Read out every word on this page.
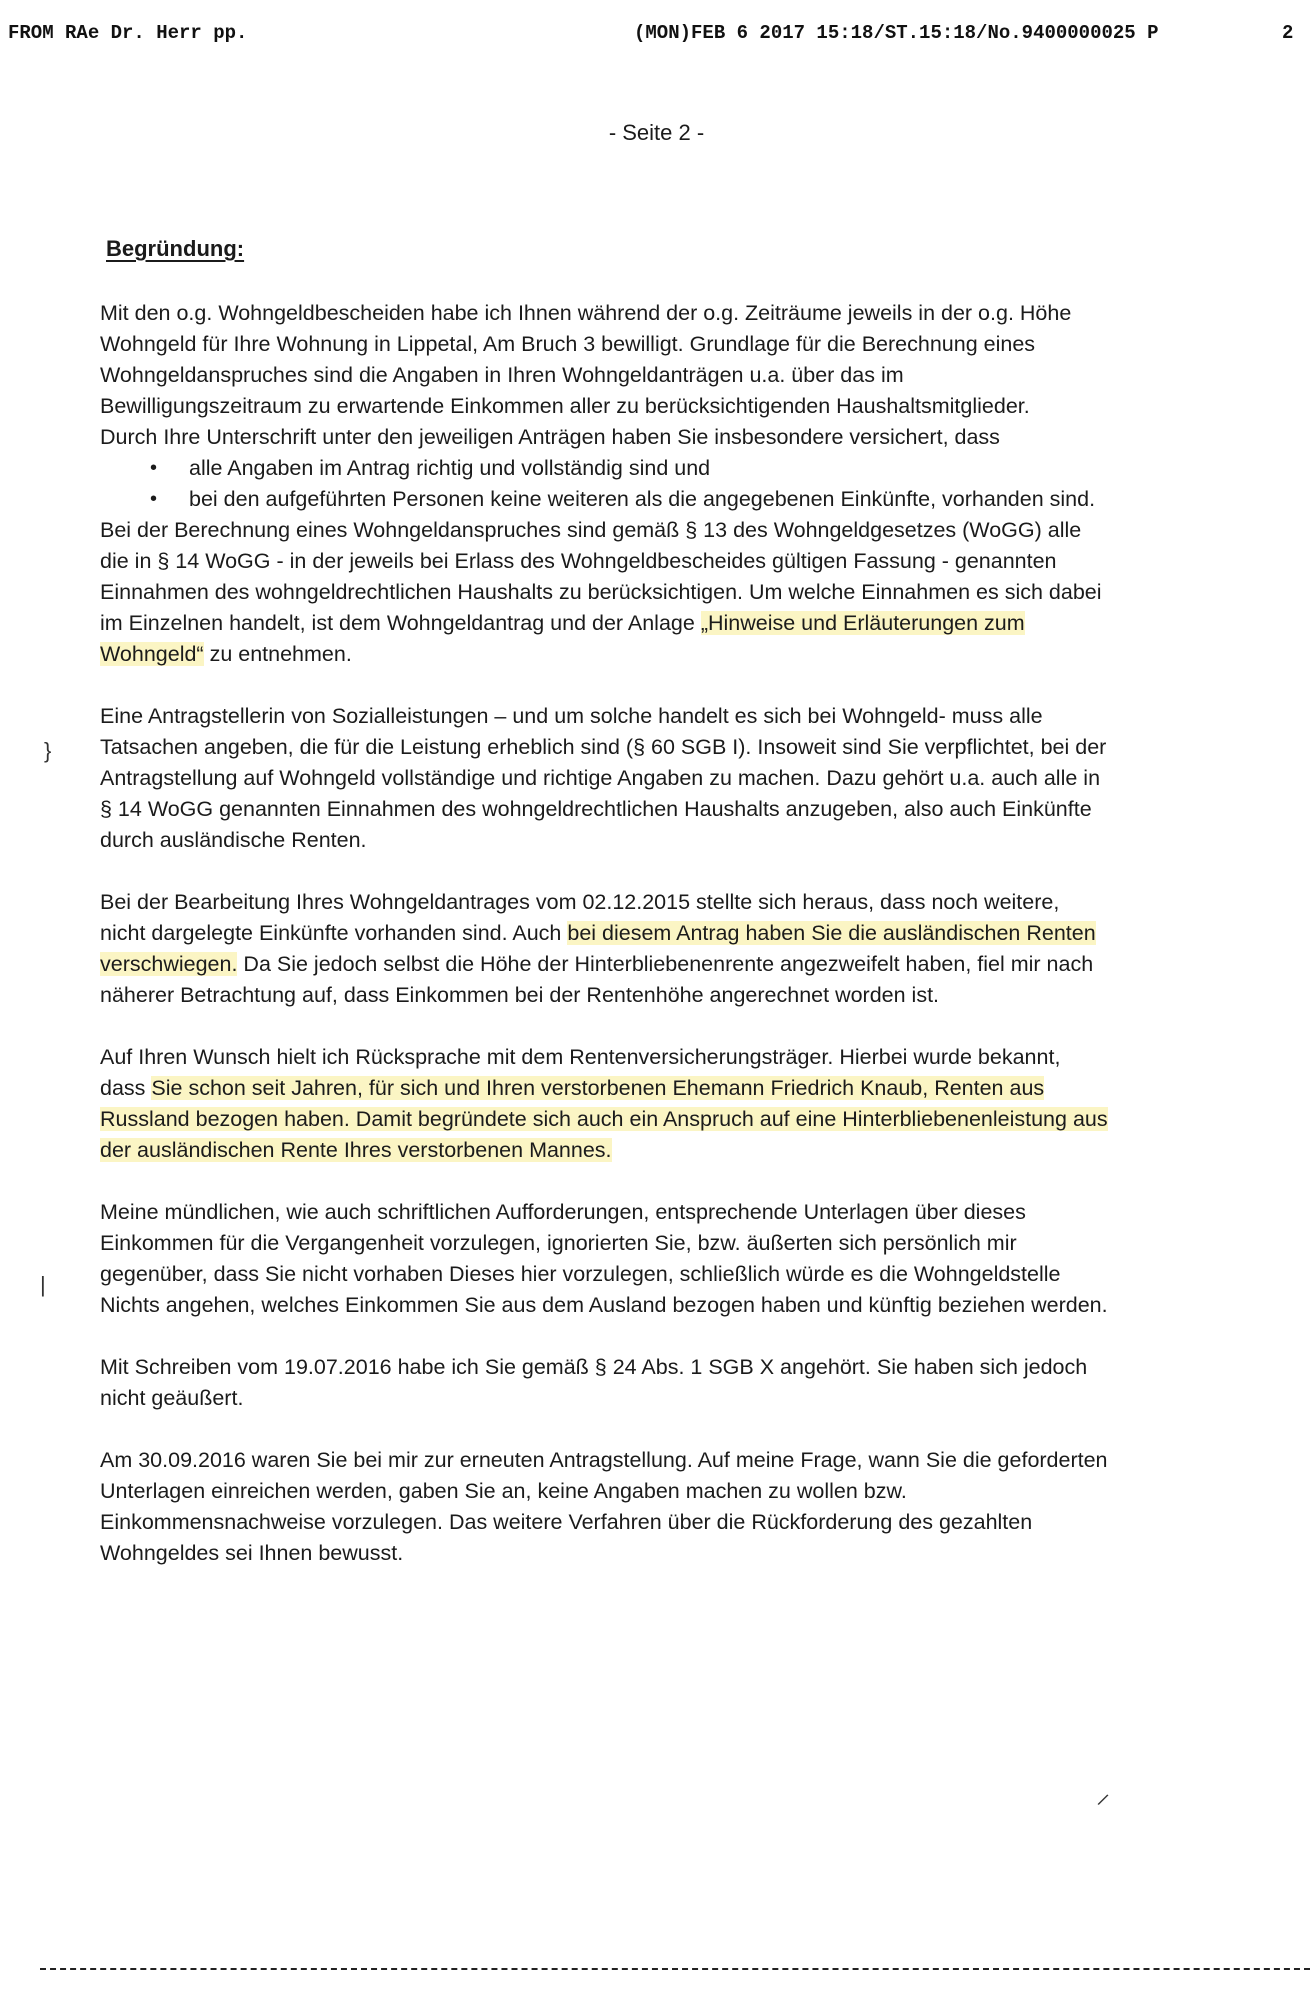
FROM RAe Dr. Herr pp.	(MON)FEB 6 2017 15:18/ST.15:18/No.9400000025 P	2
- Seite 2 -
Begründung:

Mit den o.g. Wohngeldbescheiden habe ich Ihnen während der o.g. Zeiträume jeweils in der o.g. Höhe Wohngeld für Ihre Wohnung in Lippetal, Am Bruch 3 bewilligt. Grundlage für die Berechnung eines Wohngeldanspruches sind die Angaben in Ihren Wohngeldanträgen u.a. über das im Bewilligungszeitraum zu erwartende Einkommen aller zu berücksichtigenden Haushaltsmitglieder.

Durch Ihre Unterschrift unter den jeweiligen Anträgen haben Sie insbesondere versichert, dass

• alle Angaben im Antrag richtig und vollständig sind und
• bei den aufgeführten Personen keine weiteren als die angegebenen Einkünfte, vorhanden sind.

Bei der Berechnung eines Wohngeldanspruches sind gemäß § 13 des Wohngeldgesetzes (WoGG) alle die in § 14 WoGG - in der jeweils bei Erlass des Wohngeldbescheides gültigen Fassung - genannten Einnahmen des wohngeldrechtlichen Haushalts zu berücksichtigen. Um welche Einnahmen es sich dabei im Einzelnen handelt, ist dem Wohngeldantrag und der Anlage „Hinweise und Erläuterungen zum Wohngeld“ zu entnehmen.

Eine Antragstellerin von Sozialleistungen – und um solche handelt es sich bei Wohngeld- muss alle Tatsachen angeben, die für die Leistung erheblich sind (§ 60 SGB I). Insoweit sind Sie verpflichtet, bei der Antragstellung auf Wohngeld vollständige und richtige Angaben zu machen. Dazu gehört u.a. auch alle in § 14 WoGG genannten Einnahmen des wohngeldrechtlichen Haushalts anzugeben, also auch Einkünfte durch ausländische Renten.

Bei der Bearbeitung Ihres Wohngeldantrages vom 02.12.2015 stellte sich heraus, dass noch weitere, nicht dargelegte Einkünfte vorhanden sind. Auch bei diesem Antrag haben Sie die ausländischen Renten verschwiegen. Da Sie jedoch selbst die Höhe der Hinterbliebenenrente angezweifelt haben, fiel mir nach näherer Betrachtung auf, dass Einkommen bei der Rentenhöhe angerechnet worden ist.

Auf Ihren Wunsch hielt ich Rücksprache mit dem Rentenversicherungsträger. Hierbei wurde bekannt, dass Sie schon seit Jahren, für sich und Ihren verstorbenen Ehemann Friedrich Knaub, Renten aus Russland bezogen haben. Damit begründete sich auch ein Anspruch auf eine Hinterbliebenenleistung aus der ausländischen Rente Ihres verstorbenen Mannes.

Meine mündlichen, wie auch schriftlichen Aufforderungen, entsprechende Unterlagen über dieses Einkommen für die Vergangenheit vorzulegen, ignorierten Sie, bzw. äußerten sich persönlich mir gegenüber, dass Sie nicht vorhaben Dieses hier vorzulegen, schließlich würde es die Wohngeldstelle Nichts angehen, welches Einkommen Sie aus dem Ausland bezogen haben und künftig beziehen werden.

Mit Schreiben vom 19.07.2016 habe ich Sie gemäß § 24 Abs. 1 SGB X angehört. Sie haben sich jedoch nicht geäußert.

Am 30.09.2016 waren Sie bei mir zur erneuten Antragstellung. Auf meine Frage, wann Sie die geforderten Unterlagen einreichen werden, gaben Sie an, keine Angaben machen zu wollen bzw. Einkommensnachweise vorzulegen. Das weitere Verfahren über die Rückforderung des gezahlten Wohngeldes sei Ihnen bewusst.

}
|
/
